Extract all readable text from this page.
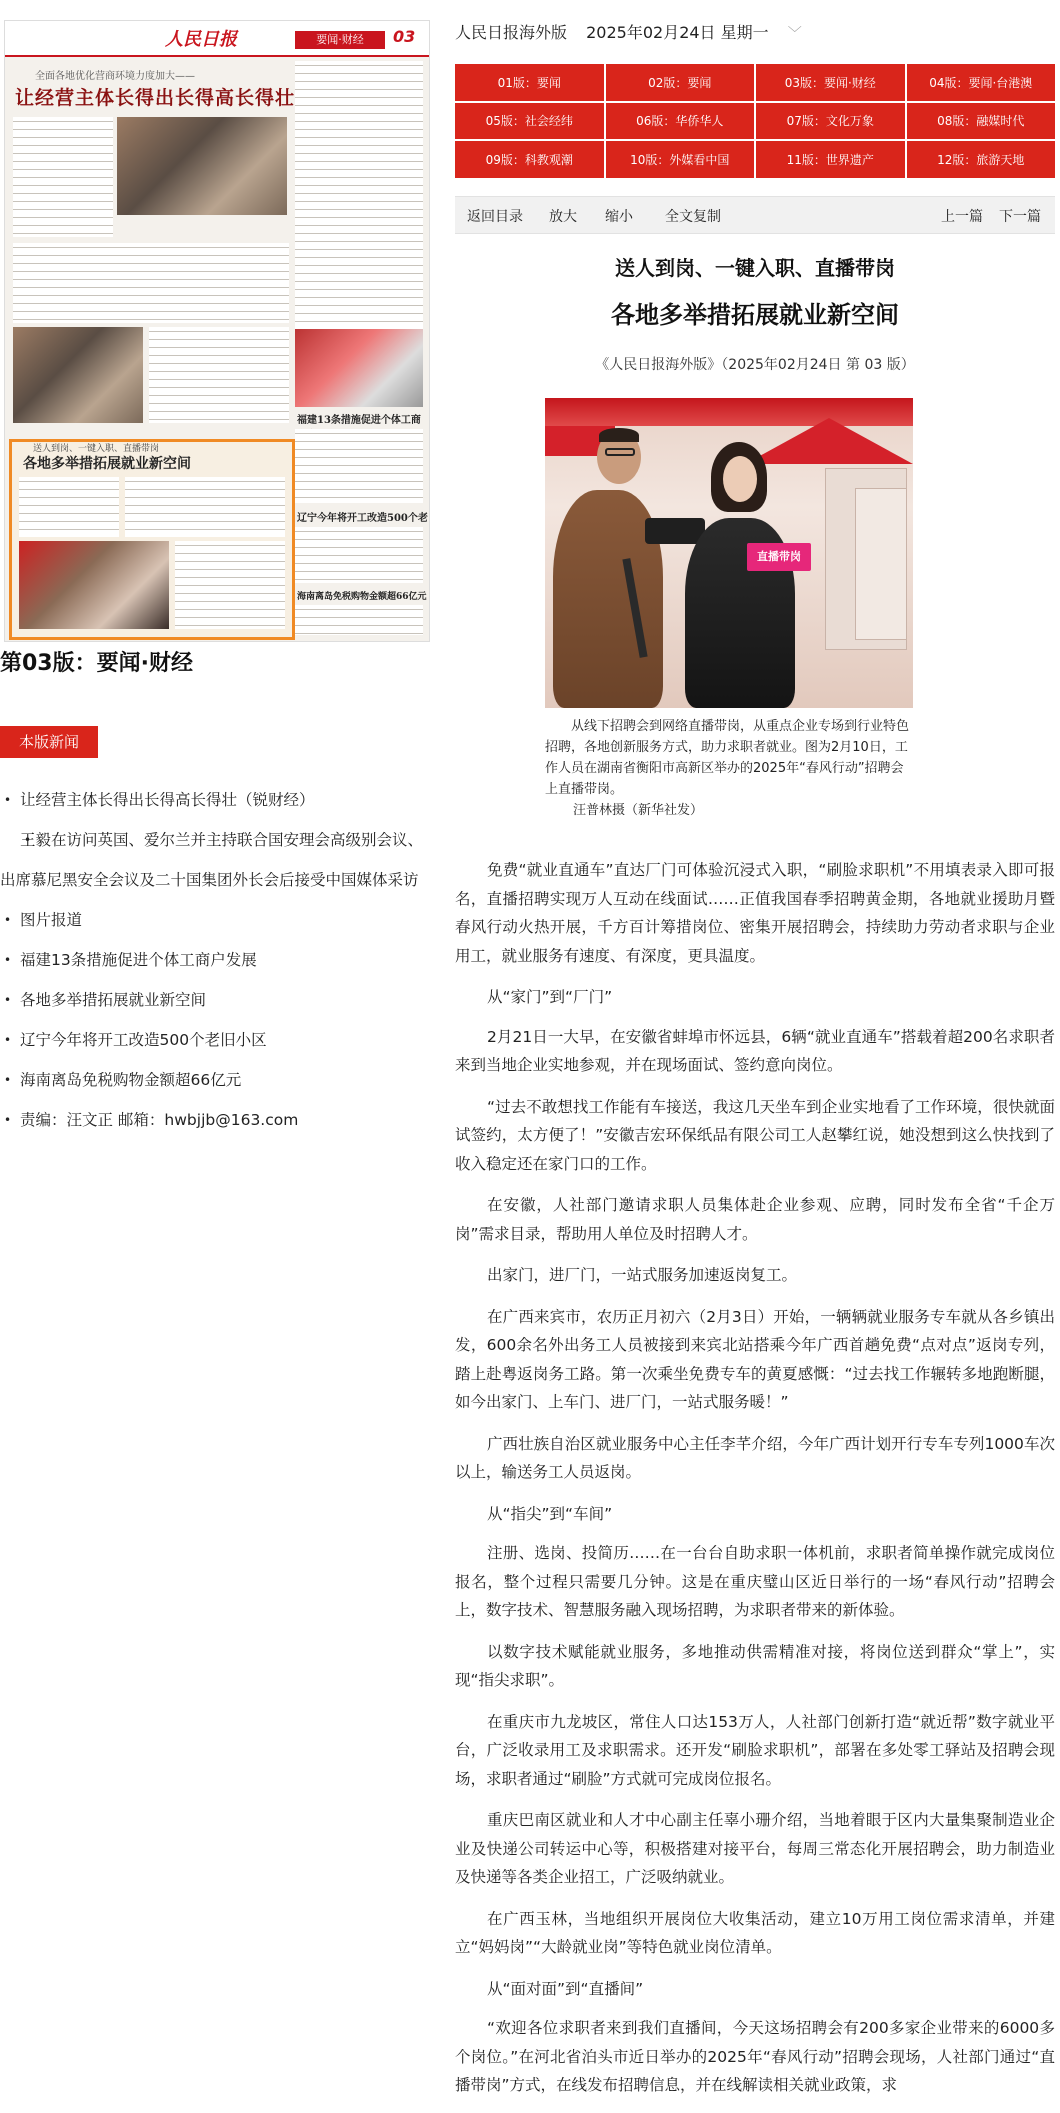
人民日报	要闻·财经	03
全面各地优化营商环境力度加大——
让经营主体长得出长得高长得壮
福建13条措施促进个体工商
辽宁今年将开工改造500个老
海南离岛免税购物金额超66亿元
送人到岗、一键入职、直播带岗
各地多举措拓展就业新空间
第03版：要闻·财经
本版新闻
• 让经营主体长得出长得高长得壮（锐财经）
• 王毅在访问英国、爱尔兰并主持联合国安理会高级别会议、出席慕尼黑安全会议及二十国集团外长会后接受中国媒体采访
• 图片报道
• 福建13条措施促进个体工商户发展
• 各地多举措拓展就业新空间
• 辽宁今年将开工改造500个老旧小区
• 海南离岛免税购物金额超66亿元
• 责编：汪文正 邮箱：hwbjjb@163.com
人民日报海外版 2025年02月24日 星期一 ﹀
01版：要闻	02版：要闻	03版：要闻·财经	04版：要闻·台港澳
05版：社会经纬	06版：华侨华人	07版：文化万象	08版：融媒时代
09版：科教观潮	10版：外媒看中国	11版：世界遗产	12版：旅游天地
返回目录 放大 缩小 全文复制	上一篇 下一篇
送人到岗、一键入职、直播带岗
各地多举措拓展就业新空间
《人民日报海外版》（2025年02月24日 第 03 版）
直播带岗
从线下招聘会到网络直播带岗，从重点企业专场到行业特色招聘，各地创新服务方式，助力求职者就业。图为2月10日，工作人员在湖南省衡阳市高新区举办的2025年“春风行动”招聘会上直播带岗。
汪普林摄（新华社发）

免费“就业直通车”直达厂门可体验沉浸式入职，“刷脸求职机”不用填表录入即可报名，直播招聘实现万人互动在线面试……正值我国春季招聘黄金期，各地就业援助月暨春风行动火热开展，千方百计筹措岗位、密集开展招聘会，持续助力劳动者求职与企业用工，就业服务有速度、有深度，更具温度。

从“家门”到“厂门”

2月21日一大早，在安徽省蚌埠市怀远县，6辆“就业直通车”搭载着超200名求职者来到当地企业实地参观，并在现场面试、签约意向岗位。

“过去不敢想找工作能有车接送，我这几天坐车到企业实地看了工作环境，很快就面试签约，太方便了！”安徽吉宏环保纸品有限公司工人赵攀红说，她没想到这么快找到了收入稳定还在家门口的工作。

在安徽，人社部门邀请求职人员集体赴企业参观、应聘，同时发布全省“千企万岗”需求目录，帮助用人单位及时招聘人才。

出家门，进厂门，一站式服务加速返岗复工。

在广西来宾市，农历正月初六（2月3日）开始，一辆辆就业服务专车就从各乡镇出发，600余名外出务工人员被接到来宾北站搭乘今年广西首趟免费“点对点”返岗专列，踏上赴粤返岗务工路。第一次乘坐免费专车的黄夏感慨：“过去找工作辗转多地跑断腿，如今出家门、上车门、进厂门，一站式服务暖！”

广西壮族自治区就业服务中心主任李芊介绍，今年广西计划开行专车专列1000车次以上，输送务工人员返岗。

从“指尖”到“车间”

注册、选岗、投简历……在一台台自助求职一体机前，求职者简单操作就完成岗位报名，整个过程只需要几分钟。这是在重庆璧山区近日举行的一场“春风行动”招聘会上，数字技术、智慧服务融入现场招聘，为求职者带来的新体验。

以数字技术赋能就业服务，多地推动供需精准对接，将岗位送到群众“掌上”，实现“指尖求职”。

在重庆市九龙坡区，常住人口达153万人，人社部门创新打造“就近帮”数字就业平台，广泛收录用工及求职需求。还开发“刷脸求职机”，部署在多处零工驿站及招聘会现场，求职者通过“刷脸”方式就可完成岗位报名。

重庆巴南区就业和人才中心副主任辜小珊介绍，当地着眼于区内大量集聚制造业企业及快递公司转运中心等，积极搭建对接平台，每周三常态化开展招聘会，助力制造业及快递等各类企业招工，广泛吸纳就业。

在广西玉林，当地组织开展岗位大收集活动，建立10万用工岗位需求清单，并建立“妈妈岗”“大龄就业岗”等特色就业岗位清单。

从“面对面”到“直播间”

“欢迎各位求职者来到我们直播间，今天这场招聘会有200多家企业带来的6000多个岗位。”在河北省泊头市近日举办的2025年“春风行动”招聘会现场，人社部门通过“直播带岗”方式，在线发布招聘信息，并在线解读相关就业政策，求
